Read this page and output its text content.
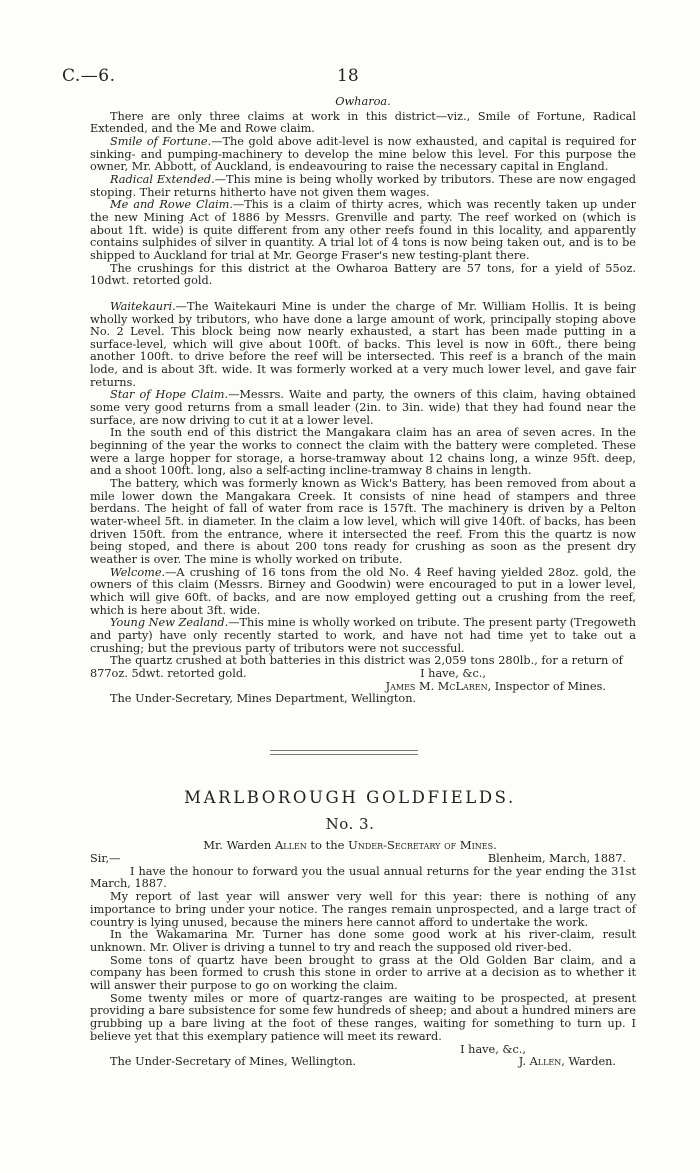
C.—6.	18
Owharoa.

There are only three claims at work in this district—viz., Smile of Fortune, Radical Extended, and the Me and Rowe claim.

Smile of Fortune.—The gold above adit-level is now exhausted, and capital is required for sinking- and pumping-machinery to develop the mine below this level. For this purpose the owner, Mr. Abbott, of Auckland, is endeavouring to raise the necessary capital in England.

Radical Extended.—This mine is being wholly worked by tributors. These are now engaged stoping. Their returns hitherto have not given them wages.

Me and Rowe Claim.—This is a claim of thirty acres, which was recently taken up under the new Mining Act of 1886 by Messrs. Grenville and party. The reef worked on (which is about 1ft. wide) is quite different from any other reefs found in this locality, and apparently contains sulphides of silver in quantity. A trial lot of 4 tons is now being taken out, and is to be shipped to Auckland for trial at Mr. George Fraser's new testing-plant there.

The crushings for this district at the Owharoa Battery are 57 tons, for a yield of 55oz. 10dwt. retorted gold.

Waitekauri.—The Waitekauri Mine is under the charge of Mr. William Hollis. It is being wholly worked by tributors, who have done a large amount of work, principally stoping above No. 2 Level. This block being now nearly exhausted, a start has been made putting in a surface-level, which will give about 100ft. of backs. This level is now in 60ft., there being another 100ft. to drive before the reef will be intersected. This reef is a branch of the main lode, and is about 3ft. wide. It was formerly worked at a very much lower level, and gave fair returns.

Star of Hope Claim.—Messrs. Waite and party, the owners of this claim, having obtained some very good returns from a small leader (2in. to 3in. wide) that they had found near the surface, are now driving to cut it at a lower level.

In the south end of this district the Mangakara claim has an area of seven acres. In the beginning of the year the works to connect the claim with the battery were completed. These were a large hopper for storage, a horse-tramway about 12 chains long, a winze 95ft. deep, and a shoot 100ft. long, also a self-acting incline-tramway 8 chains in length.

The battery, which was formerly known as Wick's Battery, has been removed from about a mile lower down the Mangakara Creek. It consists of nine head of stampers and three berdans. The height of fall of water from race is 157ft. The machinery is driven by a Pelton water-wheel 5ft. in diameter. In the claim a low level, which will give 140ft. of backs, has been driven 150ft. from the entrance, where it intersected the reef. From this the quartz is now being stoped, and there is about 200 tons ready for crushing as soon as the present dry weather is over. The mine is wholly worked on tribute.

Welcome.—A crushing of 16 tons from the old No. 4 Reef having yielded 28oz. gold, the owners of this claim (Messrs. Birney and Goodwin) were encouraged to put in a lower level, which will give 60ft. of backs, and are now employed getting out a crushing from the reef, which is here about 3ft. wide.

Young New Zealand.—This mine is wholly worked on tribute. The present party (Tregoweth and party) have only recently started to work, and have not had time yet to take out a crushing; but the previous party of tributors were not successful.

The quartz crushed at both batteries in this district was 2,059 tons 280lb., for a return of

877oz. 5dwt. retorted gold.	I have, &c.,
James M. McLaren, Inspector of Mines.
The Under-Secretary, Mines Department, Wellington.
MARLBOROUGH GOLDFIELDS.
No. 3.
Mr. Warden Allen to the Under-Secretary of Mines.
Sir,—	Blenheim, March, 1887.

I have the honour to forward you the usual annual returns for the year ending the 31st March, 1887.

My report of last year will answer very well for this year: there is nothing of any importance to bring under your notice. The ranges remain unprospected, and a large tract of country is lying unused, because the miners here cannot afford to undertake the work.

In the Wakamarina Mr. Turner has done some good work at his river-claim, result unknown. Mr. Oliver is driving a tunnel to try and reach the supposed old river-bed.

Some tons of quartz have been brought to grass at the Old Golden Bar claim, and a company has been formed to crush this stone in order to arrive at a decision as to whether it will answer their purpose to go on working the claim.

Some twenty miles or more of quartz-ranges are waiting to be prospected, at present providing a bare subsistence for some few hundreds of sheep; and about a hundred miners are grubbing up a bare living at the foot of these ranges, waiting for something to turn up. I believe yet that this exemplary patience will meet its reward.

I have, &c.,
The Under-Secretary of Mines, Wellington.	J. Allen, Warden.
